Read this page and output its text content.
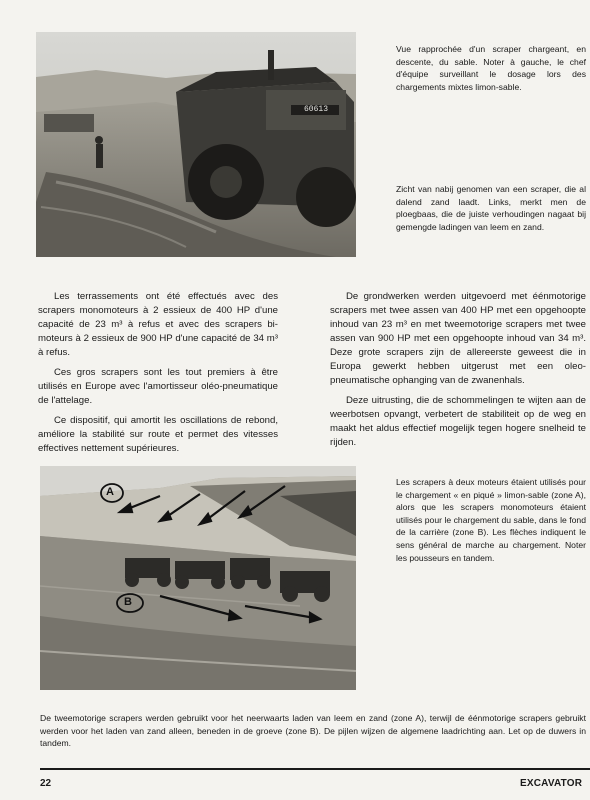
60613
Vue rapprochée d'un scraper chargeant, en descente, du sable. Noter à gauche, le chef d'équipe surveillant le dosage lors des chargements mixtes limon-sable.
Zicht van nabij genomen van een scraper, die al dalend zand laadt. Links, merkt men de ploegbaas, die de juiste verhoudingen nagaat bij gemengde ladingen van leem en zand.

Les terrassements ont été effectués avec des scrapers monomoteurs à 2 essieux de 400 HP d'une capacité de 23 m³ à refus et avec des scrapers bi-moteurs à 2 essieux de 900 HP d'une capacité de 34 m³ à refus.

Ces gros scrapers sont les tout premiers à être utilisés en Europe avec l'amortisseur oléo-pneumatique de l'attelage.

Ce dispositif, qui amortit les oscillations de rebond, améliore la stabilité sur route et permet des vitesses effectives nettement supérieures.

De grondwerken werden uitgevoerd met éénmotorige scrapers met twee assen van 400 HP met een opgehoopte inhoud van 23 m³ en met tweemotorige scrapers met twee assen van 900 HP met een opgehoopte inhoud van 34 m³. Deze grote scrapers zijn de allereerste geweest die in Europa gewerkt hebben uitgerust met een oleo-pneumatische ophanging van de zwanenhals.

Deze uitrusting, die de schommelingen te wijten aan de weerbotsen opvangt, verbetert de stabiliteit op de weg en maakt het aldus effectief mogelijk tegen hogere snelheid te rijden.

A
B
Les scrapers à deux moteurs étaient utilisés pour le chargement « en piqué » limon-sable (zone A), alors que les scrapers monomoteurs étaient utilisés pour le chargement du sable, dans le fond de la carrière (zone B). Les flèches indiquent le sens général de marche au chargement. Noter les pousseurs en tandem.
De tweemotorige scrapers werden gebruikt voor het neerwaarts laden van leem en zand (zone A), terwijl de éénmotorige scrapers gebruikt werden voor het laden van zand alleen, beneden in de groeve (zone B). De pijlen wijzen de algemene laadrichting aan. Let op de duwers in tandem.
22	EXCAVATOR
